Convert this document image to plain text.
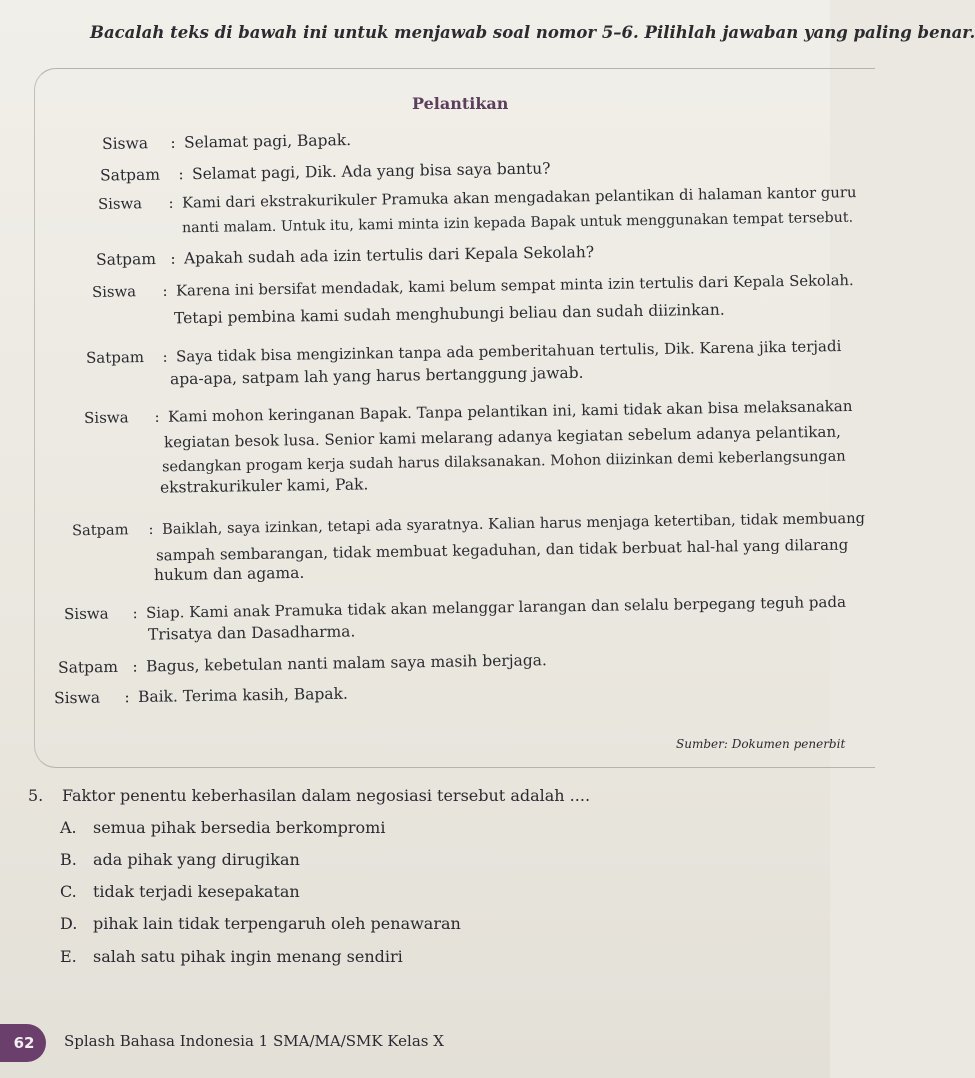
Bacalah teks di bawah ini untuk menjawab soal nomor 5–6. Pilihlah jawaban yang paling benar.
Pelantikan
Siswa : Selamat pagi, Bapak.
Satpam : Selamat pagi, Dik. Ada yang bisa saya bantu?
Siswa : Kami dari ekstrakurikuler Pramuka akan mengadakan pelantikan di halaman kantor guru
nanti malam. Untuk itu, kami minta izin kepada Bapak untuk menggunakan tempat tersebut.
Satpam : Apakah sudah ada izin tertulis dari Kepala Sekolah?
Siswa : Karena ini bersifat mendadak, kami belum sempat minta izin tertulis dari Kepala Sekolah.
Tetapi pembina kami sudah menghubungi beliau dan sudah diizinkan.
Satpam : Saya tidak bisa mengizinkan tanpa ada pemberitahuan tertulis, Dik. Karena jika terjadi
apa-apa, satpam lah yang harus bertanggung jawab.
Siswa : Kami mohon keringanan Bapak. Tanpa pelantikan ini, kami tidak akan bisa melaksanakan
kegiatan besok lusa. Senior kami melarang adanya kegiatan sebelum adanya pelantikan,
sedangkan progam kerja sudah harus dilaksanakan. Mohon diizinkan demi keberlangsungan
ekstrakurikuler kami, Pak.
Satpam : Baiklah, saya izinkan, tetapi ada syaratnya. Kalian harus menjaga ketertiban, tidak membuang
sampah sembarangan, tidak membuat kegaduhan, dan tidak berbuat hal-hal yang dilarang
hukum dan agama.
Siswa : Siap. Kami anak Pramuka tidak akan melanggar larangan dan selalu berpegang teguh pada
Trisatya dan Dasadharma.
Satpam : Bagus, kebetulan nanti malam saya masih berjaga.
Siswa : Baik. Terima kasih, Bapak.
Sumber: Dokumen penerbit
5. Faktor penentu keberhasilan dalam negosiasi tersebut adalah ....
A. semua pihak bersedia berkompromi
B. ada pihak yang dirugikan
C. tidak terjadi kesepakatan
D. pihak lain tidak terpengaruh oleh penawaran
E. salah satu pihak ingin menang sendiri
62	Splash Bahasa Indonesia 1 SMA/MA/SMK Kelas X
